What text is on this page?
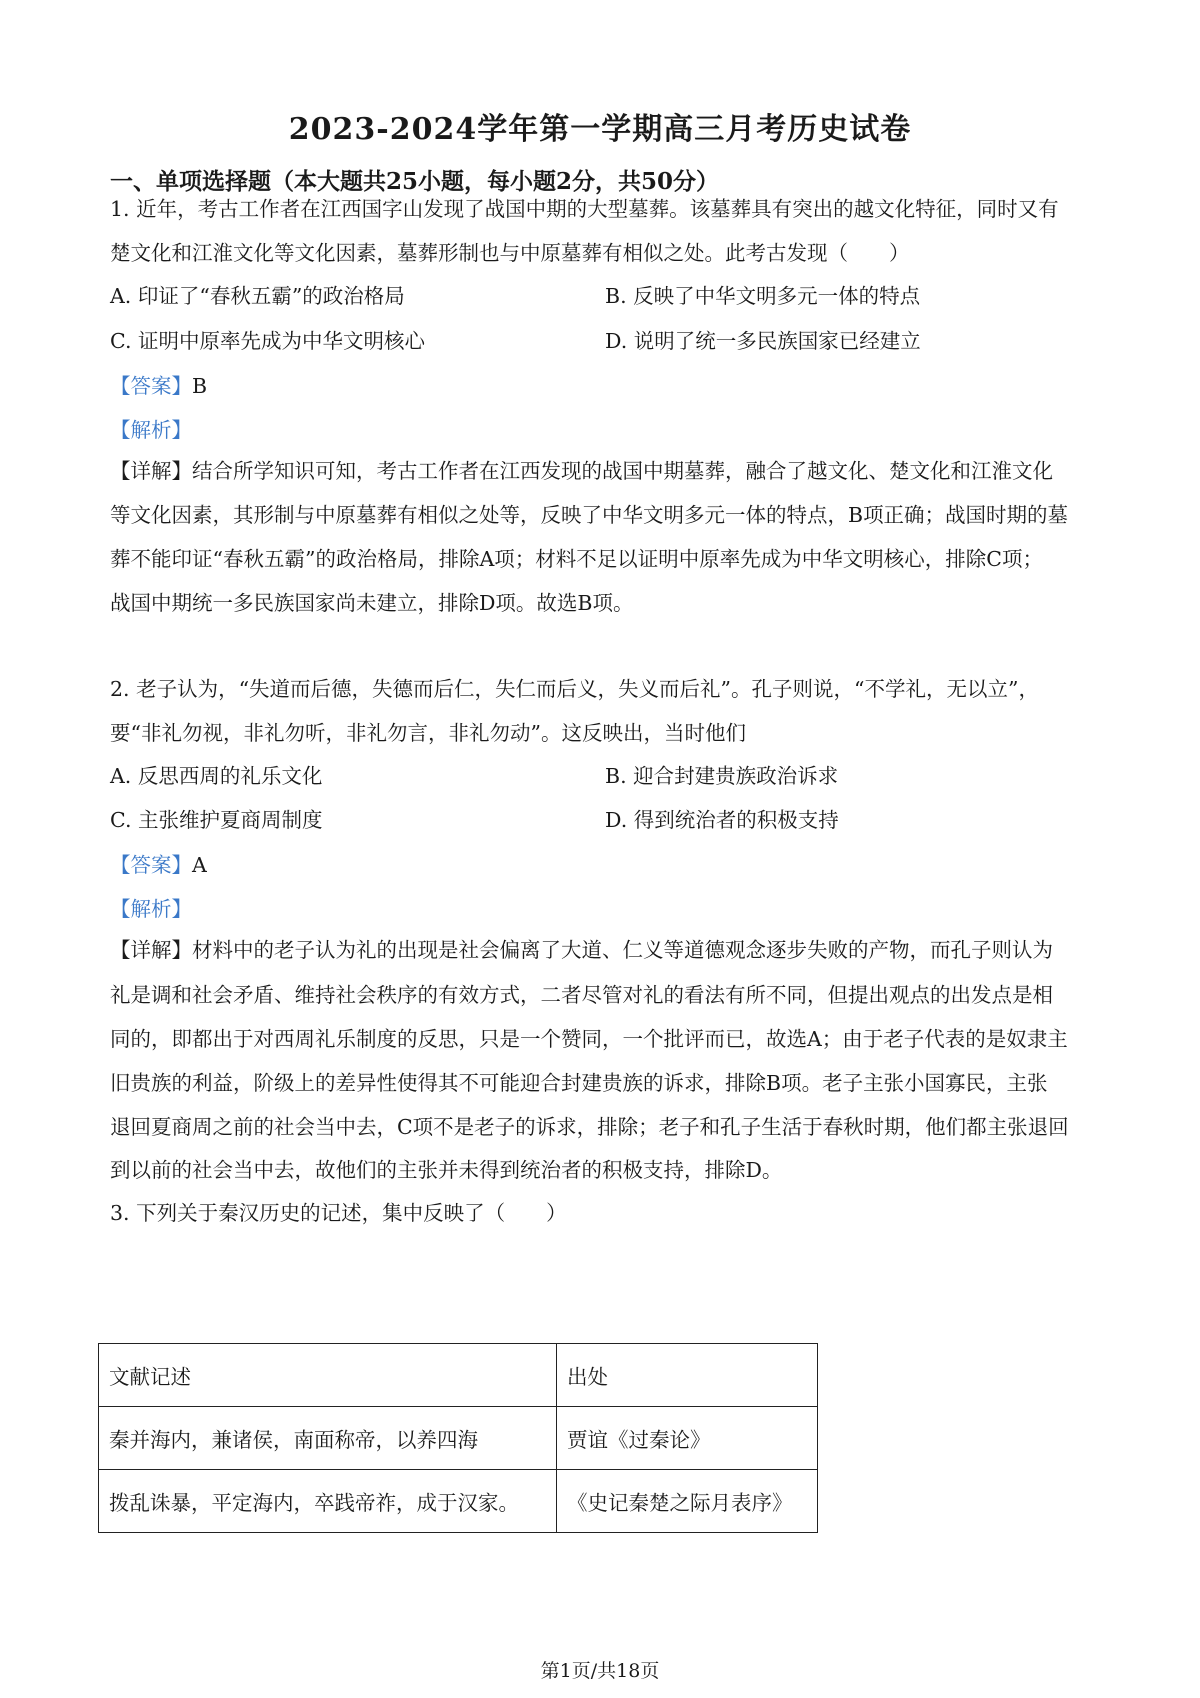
2023-2024学年第一学期高三月考历史试卷
一、单项选择题（本大题共25小题，每小题2分，共50分）
1. 近年，考古工作者在江西国字山发现了战国中期的大型墓葬。该墓葬具有突出的越文化特征，同时又有
楚文化和江淮文化等文化因素，墓葬形制也与中原墓葬有相似之处。此考古发现（　　）
A. 印证了“春秋五霸”的政治格局	B. 反映了中华文明多元一体的特点
C. 证明中原率先成为中华文明核心	D. 说明了统一多民族国家已经建立
【答案】B
【解析】
【详解】结合所学知识可知，考古工作者在江西发现的战国中期墓葬，融合了越文化、楚文化和江淮文化
等文化因素，其形制与中原墓葬有相似之处等，反映了中华文明多元一体的特点，B项正确；战国时期的墓
葬不能印证“春秋五霸”的政治格局，排除A项；材料不足以证明中原率先成为中华文明核心，排除C项；
战国中期统一多民族国家尚未建立，排除D项。故选B项。
2. 老子认为，“失道而后德，失德而后仁，失仁而后义，失义而后礼”。孔子则说，“不学礼，无以立”，
要“非礼勿视，非礼勿听，非礼勿言，非礼勿动”。这反映出，当时他们
A. 反思西周的礼乐文化	B. 迎合封建贵族政治诉求
C. 主张维护夏商周制度	D. 得到统治者的积极支持
【答案】A
【解析】
【详解】材料中的老子认为礼的出现是社会偏离了大道、仁义等道德观念逐步失败的产物，而孔子则认为
礼是调和社会矛盾、维持社会秩序的有效方式，二者尽管对礼的看法有所不同，但提出观点的出发点是相
同的，即都出于对西周礼乐制度的反思，只是一个赞同，一个批评而已，故选A；由于老子代表的是奴隶主
旧贵族的利益，阶级上的差异性使得其不可能迎合封建贵族的诉求，排除B项。老子主张小国寡民，主张
退回夏商周之前的社会当中去，C项不是老子的诉求，排除；老子和孔子生活于春秋时期，他们都主张退回
到以前的社会当中去，故他们的主张并未得到统治者的积极支持，排除D。
3. 下列关于秦汉历史的记述，集中反映了（　　）
文献记述	出处
秦并海内，兼诸侯，南面称帝，以养四海	贾谊《过秦论》
拨乱诛暴，平定海内，卒践帝祚，成于汉家。	《史记秦楚之际月表序》
第1页/共18页
